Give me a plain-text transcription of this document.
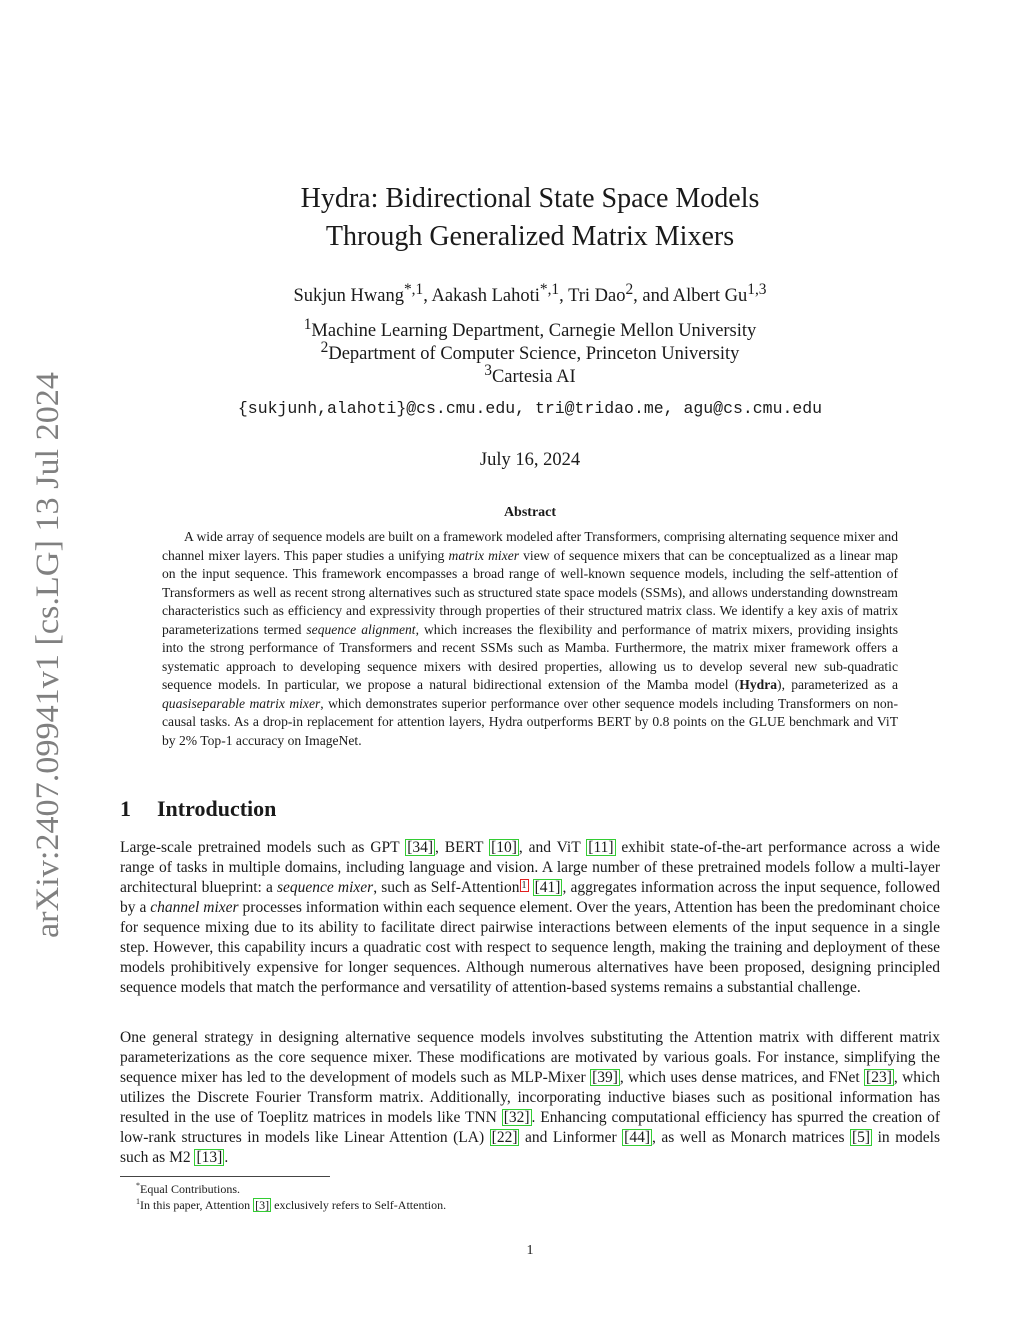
arXiv:2407.09941v1 [cs.LG] 13 Jul 2024
Hydra: Bidirectional State Space Models
Through Generalized Matrix Mixers
Sukjun Hwang$^{*,1}$, Aakash Lahoti$^{*,1}$, Tri Dao$^2$, and Albert Gu$^{1,3}$
$^1$Machine Learning Department, Carnegie Mellon University
$^2$Department of Computer Science, Princeton University
$^3$Cartesia AI
{sukjunh,alahoti}@cs.cmu.edu, tri@tridao.me, agu@cs.cmu.edu
July 16, 2024
Abstract

A wide array of sequence models are built on a framework modeled after Transformers, comprising alternating sequence mixer and channel mixer layers. This paper studies a unifying matrix mixer view of sequence mixers that can be conceptualized as a linear map on the input sequence. This framework encompasses a broad range of well-known sequence models, including the self-attention of Transformers as well as recent strong alternatives such as structured state space models (SSMs), and allows understanding downstream characteristics such as efficiency and expressivity through properties of their structured matrix class. We identify a key axis of matrix parameterizations termed sequence alignment, which increases the flexibility and performance of matrix mixers, providing insights into the strong performance of Transformers and recent SSMs such as Mamba. Furthermore, the matrix mixer framework offers a systematic approach to developing sequence mixers with desired properties, allowing us to develop several new sub-quadratic sequence models. In particular, we propose a natural bidirectional extension of the Mamba model (Hydra), parameterized as a quasiseparable matrix mixer, which demonstrates superior performance over other sequence models including Transformers on non-causal tasks. As a drop-in replacement for attention layers, Hydra outperforms BERT by 0.8 points on the GLUE benchmark and ViT by 2% Top-1 accuracy on ImageNet.

1 Introduction

Large-scale pretrained models such as GPT [34] , BERT [10] , and ViT [11] exhibit state-of-the-art performance across a wide range of tasks in multiple domains, including language and vision. A large number of these pretrained models follow a multi-layer architectural blueprint: a sequence mixer, such as Self-Attention 1 [41] , aggregates information across the input sequence, followed by a channel mixer processes information within each sequence element. Over the years, Attention has been the predominant choice for sequence mixing due to its ability to facilitate direct pairwise interactions between elements of the input sequence in a single step. However, this capability incurs a quadratic cost with respect to sequence length, making the training and deployment of these models prohibitively expensive for longer sequences. Although numerous alternatives have been proposed, designing principled sequence models that match the performance and versatility of attention-based systems remains a substantial challenge.

One general strategy in designing alternative sequence models involves substituting the Attention matrix with different matrix parameterizations as the core sequence mixer. These modifications are motivated by various goals. For instance, simplifying the sequence mixer has led to the development of models such as MLP-Mixer [39] , which uses dense matrices, and FNet [23] , which utilizes the Discrete Fourier Transform matrix. Additionally, incorporating inductive biases such as positional information has resulted in the use of Toeplitz matrices in models like TNN [32] . Enhancing computational efficiency has spurred the creation of low-rank structures in models like Linear Attention (LA) [22] and Linformer [44] , as well as Monarch matrices [5] in models such as M2 [13] .

*Equal Contributions.
$^1$In this paper, Attention [3] exclusively refers to Self-Attention.
1
